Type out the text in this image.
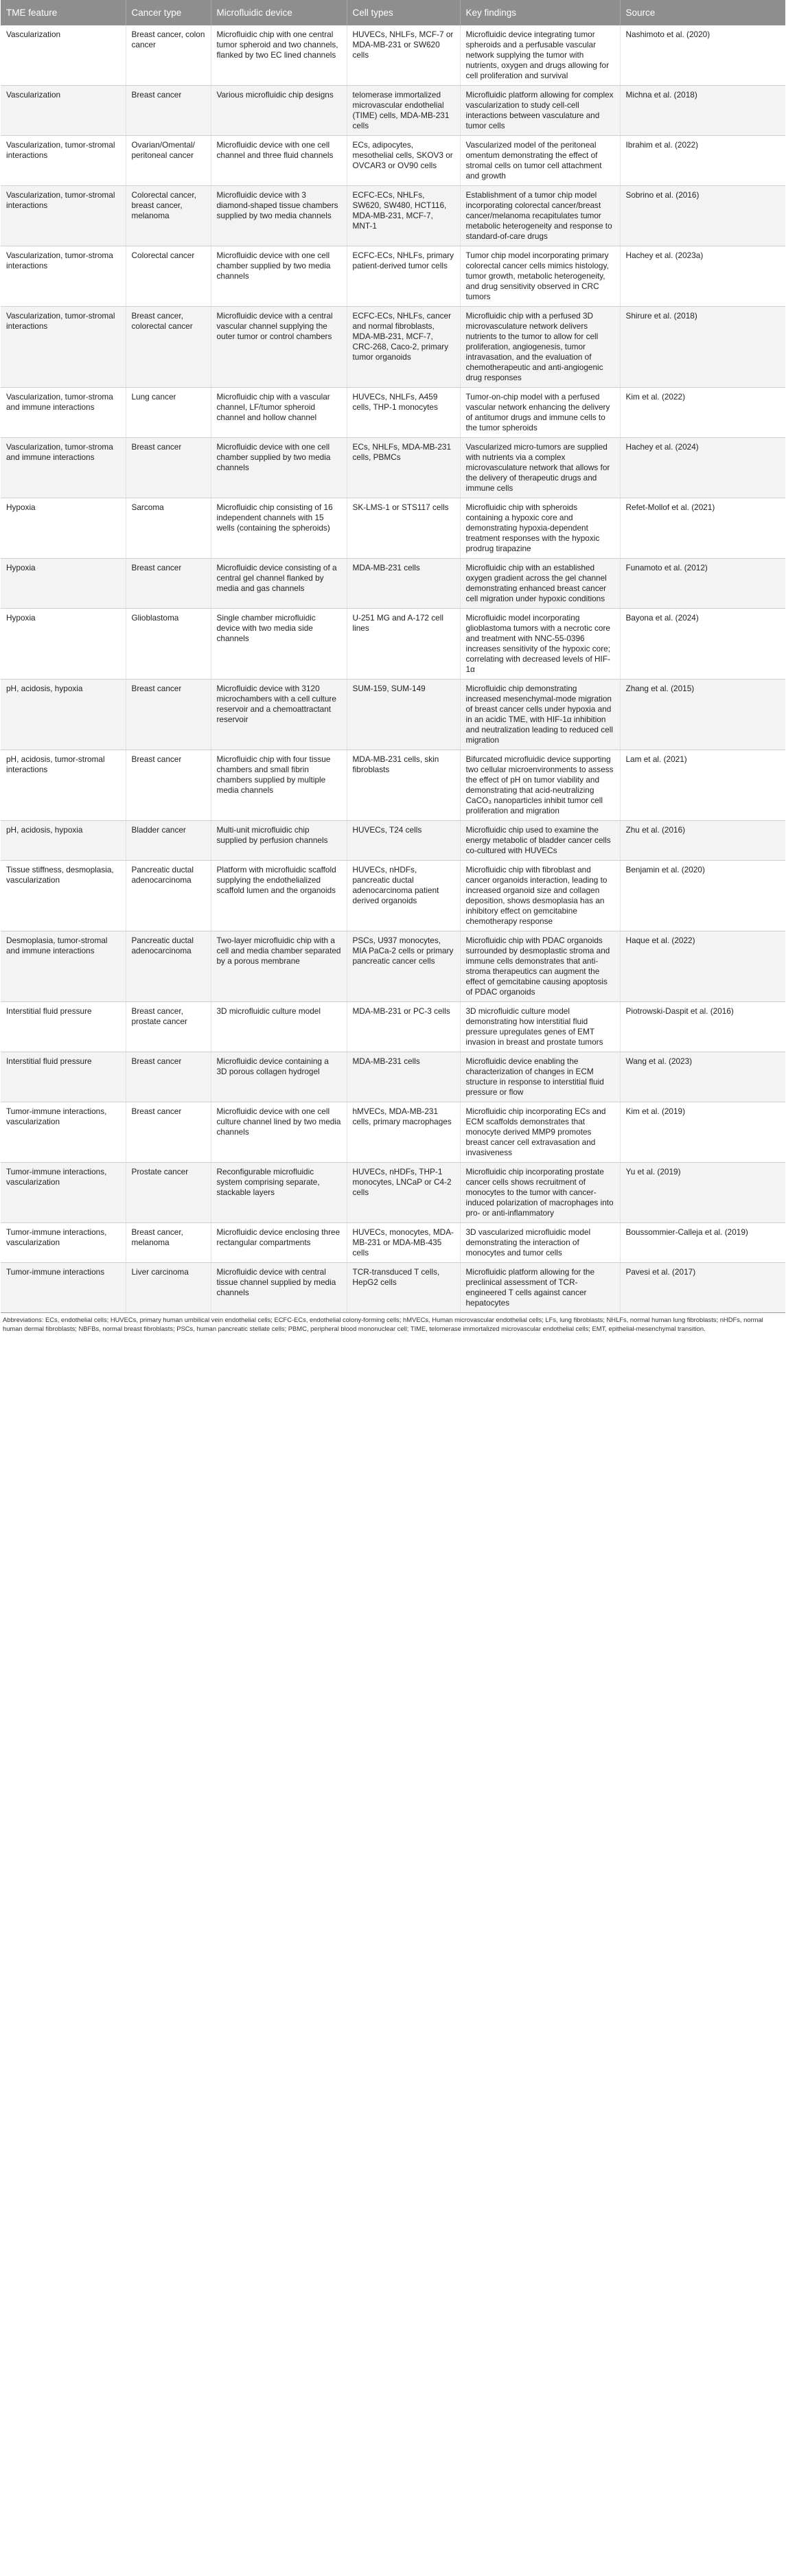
TME feature	Cancer type	Microfluidic device	Cell types	Key findings	Source
Vascularization	Breast cancer, colon cancer	Microfluidic chip with one central tumor spheroid and two channels, flanked by two EC lined channels	HUVECs, NHLFs, MCF-7 or MDA-MB-231 or SW620 cells	Microfluidic device integrating tumor spheroids and a perfusable vascular network supplying the tumor with nutrients, oxygen and drugs allowing for cell proliferation and survival	Nashimoto et al. (2020)
Vascularization	Breast cancer	Various microfluidic chip designs	telomerase immortalized microvascular endothelial (TIME) cells, MDA-MB-231 cells	Microfluidic platform allowing for complex vascularization to study cell-cell interactions between vasculature and tumor cells	Michna et al. (2018)
Vascularization, tumor-stromal interactions	Ovarian/Omental/ peritoneal cancer	Microfluidic device with one cell channel and three fluid channels	ECs, adipocytes, mesothelial cells, SKOV3 or OVCAR3 or OV90 cells	Vascularized model of the peritoneal omentum demonstrating the effect of stromal cells on tumor cell attachment and growth	Ibrahim et al. (2022)
Vascularization, tumor-stromal interactions	Colorectal cancer, breast cancer, melanoma	Microfluidic device with 3 diamond-shaped tissue chambers supplied by two media channels	ECFC-ECs, NHLFs, SW620, SW480, HCT116, MDA-MB-231, MCF-7, MNT-1	Establishment of a tumor chip model incorporating colorectal cancer/breast cancer/melanoma recapitulates tumor metabolic heterogeneity and response to standard-of-care drugs	Sobrino et al. (2016)
Vascularization, tumor-stroma interactions	Colorectal cancer	Microfluidic device with one cell chamber supplied by two media channels	ECFC-ECs, NHLFs, primary patient-derived tumor cells	Tumor chip model incorporating primary colorectal cancer cells mimics histology, tumor growth, metabolic heterogeneity, and drug sensitivity observed in CRC tumors	Hachey et al. (2023a)
Vascularization, tumor-stromal interactions	Breast cancer, colorectal cancer	Microfluidic device with a central vascular channel supplying the outer tumor or control chambers	ECFC-ECs, NHLFs, cancer and normal fibroblasts, MDA-MB-231, MCF-7, CRC-268, Caco-2, primary tumor organoids	Microfluidic chip with a perfused 3D microvasculature network delivers nutrients to the tumor to allow for cell proliferation, angiogenesis, tumor intravasation, and the evaluation of chemotherapeutic and anti-angiogenic drug responses	Shirure et al. (2018)
Vascularization, tumor-stroma and immune interactions	Lung cancer	Microfluidic chip with a vascular channel, LF/tumor spheroid channel and hollow channel	HUVECs, NHLFs, A459 cells, THP-1 monocytes	Tumor-on-chip model with a perfused vascular network enhancing the delivery of antitumor drugs and immune cells to the tumor spheroids	Kim et al. (2022)
Vascularization, tumor-stroma and immune interactions	Breast cancer	Microfluidic device with one cell chamber supplied by two media channels	ECs, NHLFs, MDA-MB-231 cells, PBMCs	Vascularized micro-tumors are supplied with nutrients via a complex microvasculature network that allows for the delivery of therapeutic drugs and immune cells	Hachey et al. (2024)
Hypoxia	Sarcoma	Microfluidic chip consisting of 16 independent channels with 15 wells (containing the spheroids)	SK-LMS-1 or STS117 cells	Microfluidic chip with spheroids containing a hypoxic core and demonstrating hypoxia-dependent treatment responses with the hypoxic prodrug tirapazine	Refet-Mollof et al. (2021)
Hypoxia	Breast cancer	Microfluidic device consisting of a central gel channel flanked by media and gas channels	MDA-MB-231 cells	Microfluidic chip with an established oxygen gradient across the gel channel demonstrating enhanced breast cancer cell migration under hypoxic conditions	Funamoto et al. (2012)
Hypoxia	Glioblastoma	Single chamber microfluidic device with two media side channels	U-251 MG and A-172 cell lines	Microfluidic model incorporating glioblastoma tumors with a necrotic core and treatment with NNC-55-0396 increases sensitivity of the hypoxic core; correlating with decreased levels of HIF-1α	Bayona et al. (2024)
pH, acidosis, hypoxia	Breast cancer	Microfluidic device with 3120 microchambers with a cell culture reservoir and a chemoattractant reservoir	SUM-159, SUM-149	Microfluidic chip demonstrating increased mesenchymal-mode migration of breast cancer cells under hypoxia and in an acidic TME, with HIF-1α inhibition and neutralization leading to reduced cell migration	Zhang et al. (2015)
pH, acidosis, tumor-stromal interactions	Breast cancer	Microfluidic chip with four tissue chambers and small fibrin chambers supplied by multiple media channels	MDA-MB-231 cells, skin fibroblasts	Bifurcated microfluidic device supporting two cellular microenvironments to assess the effect of pH on tumor viability and demonstrating that acid-neutralizing CaCO₃ nanoparticles inhibit tumor cell proliferation and migration	Lam et al. (2021)
pH, acidosis, hypoxia	Bladder cancer	Multi-unit microfluidic chip supplied by perfusion channels	HUVECs, T24 cells	Microfluidic chip used to examine the energy metabolic of bladder cancer cells co-cultured with HUVECs	Zhu et al. (2016)
Tissue stiffness, desmoplasia, vascularization	Pancreatic ductal adenocarcinoma	Platform with microfluidic scaffold supplying the endothelialized scaffold lumen and the organoids	HUVECs, nHDFs, pancreatic ductal adenocarcinoma patient derived organoids	Microfluidic chip with fibroblast and cancer organoids interaction, leading to increased organoid size and collagen deposition, shows desmoplasia has an inhibitory effect on gemcitabine chemotherapy response	Benjamin et al. (2020)
Desmoplasia, tumor-stromal and immune interactions	Pancreatic ductal adenocarcinoma	Two-layer microfluidic chip with a cell and media chamber separated by a porous membrane	PSCs, U937 monocytes, MIA PaCa-2 cells or primary pancreatic cancer cells	Microfluidic chip with PDAC organoids surrounded by desmoplastic stroma and immune cells demonstrates that anti-stroma therapeutics can augment the effect of gemcitabine causing apoptosis of PDAC organoids	Haque et al. (2022)
Interstitial fluid pressure	Breast cancer, prostate cancer	3D microfluidic culture model	MDA-MB-231 or PC-3 cells	3D microfluidic culture model demonstrating how interstitial fluid pressure upregulates genes of EMT invasion in breast and prostate tumors	Piotrowski-Daspit et al. (2016)
Interstitial fluid pressure	Breast cancer	Microfluidic device containing a 3D porous collagen hydrogel	MDA-MB-231 cells	Microfluidic device enabling the characterization of changes in ECM structure in response to interstitial fluid pressure or flow	Wang et al. (2023)
Tumor-immune interactions, vascularization	Breast cancer	Microfluidic device with one cell culture channel lined by two media channels	hMVECs, MDA-MB-231 cells, primary macrophages	Microfluidic chip incorporating ECs and ECM scaffolds demonstrates that monocyte derived MMP9 promotes breast cancer cell extravasation and invasiveness	Kim et al. (2019)
Tumor-immune interactions, vascularization	Prostate cancer	Reconfigurable microfluidic system comprising separate, stackable layers	HUVECs, nHDFs, THP-1 monocytes, LNCaP or C4-2 cells	Microfluidic chip incorporating prostate cancer cells shows recruitment of monocytes to the tumor with cancer-induced polarization of macrophages into pro- or anti-inflammatory	Yu et al. (2019)
Tumor-immune interactions, vascularization	Breast cancer, melanoma	Microfluidic device enclosing three rectangular compartments	HUVECs, monocytes, MDA-MB-231 or MDA-MB-435 cells	3D vascularized microfluidic model demonstrating the interaction of monocytes and tumor cells	Boussommier-Calleja et al. (2019)
Tumor-immune interactions	Liver carcinoma	Microfluidic device with central tissue channel supplied by media channels	TCR-transduced T cells, HepG2 cells	Microfluidic platform allowing for the preclinical assessment of TCR-engineered T cells against cancer hepatocytes	Pavesi et al. (2017)
Abbreviations: ECs, endothelial cells; HUVECs, primary human umbilical vein endothelial cells; ECFC-ECs, endothelial colony-forming cells; hMVECs, Human microvascular endothelial cells; LFs, lung fibroblasts; NHLFs, normal human lung fibroblasts; nHDFs, normal human dermal fibroblasts; NBFBs, normal breast fibroblasts; PSCs, human pancreatic stellate cells; PBMC, peripheral blood mononuclear cell; TIME, telomerase immortalized microvascular endothelial cells; EMT, epithelial-mesenchymal transition.
